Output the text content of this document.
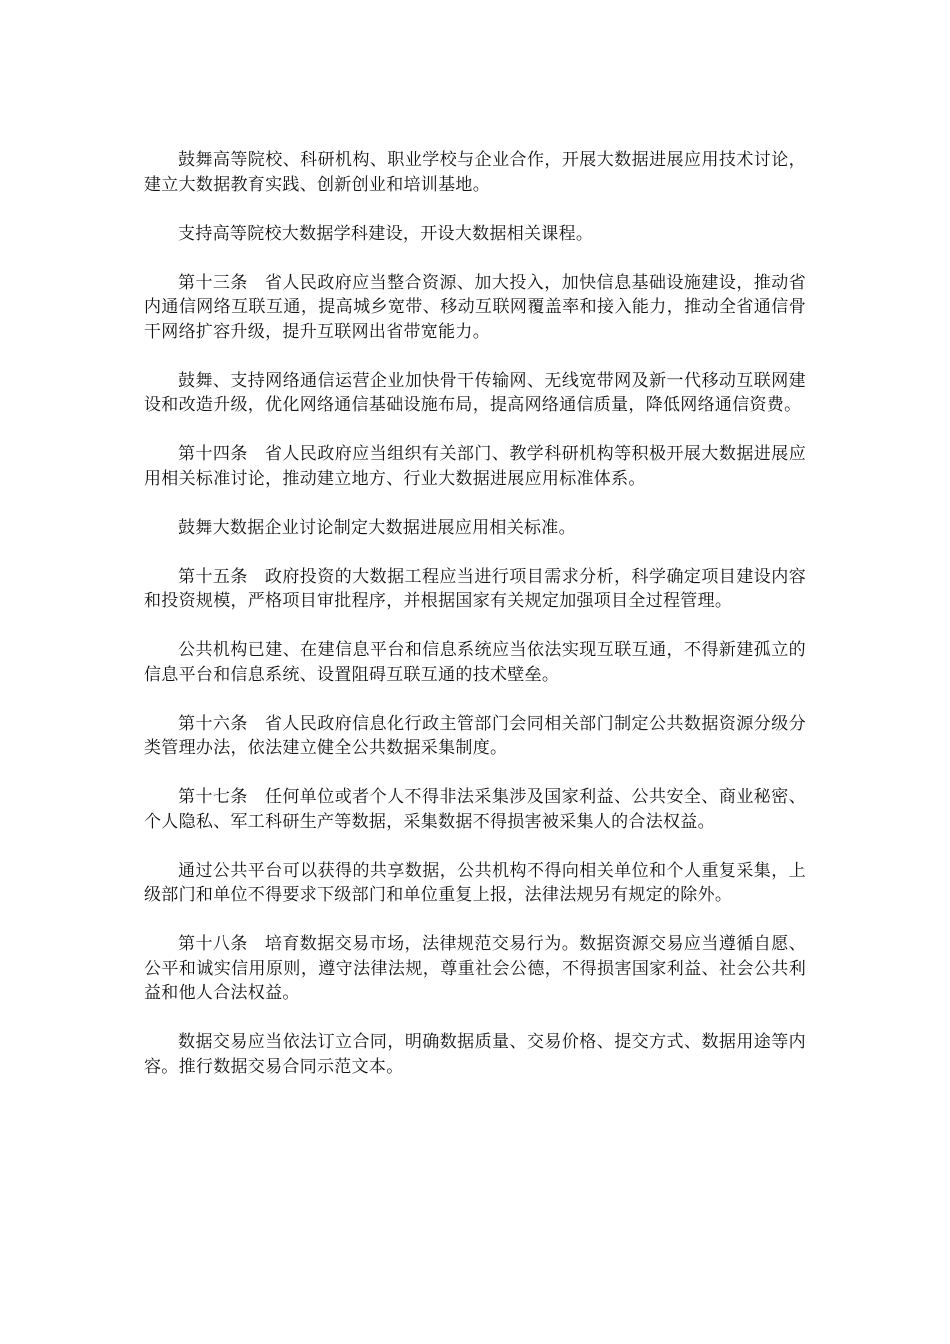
鼓舞高等院校、科研机构、职业学校与企业合作，开展大数据进展应用技术讨论，建立大数据教育实践、创新创业和培训基地。

支持高等院校大数据学科建设，开设大数据相关课程。

第十三条 省人民政府应当整合资源、加大投入，加快信息基础设施建设，推动省内通信网络互联互通，提高城乡宽带、移动互联网覆盖率和接入能力，推动全省通信骨干网络扩容升级，提升互联网出省带宽能力。

鼓舞、支持网络通信运营企业加快骨干传输网、无线宽带网及新一代移动互联网建设和改造升级，优化网络通信基础设施布局，提高网络通信质量，降低网络通信资费。

第十四条 省人民政府应当组织有关部门、教学科研机构等积极开展大数据进展应用相关标准讨论，推动建立地方、行业大数据进展应用标准体系。

鼓舞大数据企业讨论制定大数据进展应用相关标准。

第十五条 政府投资的大数据工程应当进行项目需求分析，科学确定项目建设内容和投资规模，严格项目审批程序，并根据国家有关规定加强项目全过程管理。

公共机构已建、在建信息平台和信息系统应当依法实现互联互通，不得新建孤立的信息平台和信息系统、设置阻碍互联互通的技术壁垒。

第十六条 省人民政府信息化行政主管部门会同相关部门制定公共数据资源分级分类管理办法，依法建立健全公共数据采集制度。

第十七条 任何单位或者个人不得非法采集涉及国家利益、公共安全、商业秘密、个人隐私、军工科研生产等数据，采集数据不得损害被采集人的合法权益。

通过公共平台可以获得的共享数据，公共机构不得向相关单位和个人重复采集，上级部门和单位不得要求下级部门和单位重复上报，法律法规另有规定的除外。

第十八条 培育数据交易市场，法律规范交易行为。数据资源交易应当遵循自愿、公平和诚实信用原则，遵守法律法规，尊重社会公德，不得损害国家利益、社会公共利益和他人合法权益。

数据交易应当依法订立合同，明确数据质量、交易价格、提交方式、数据用途等内容。推行数据交易合同示范文本。
